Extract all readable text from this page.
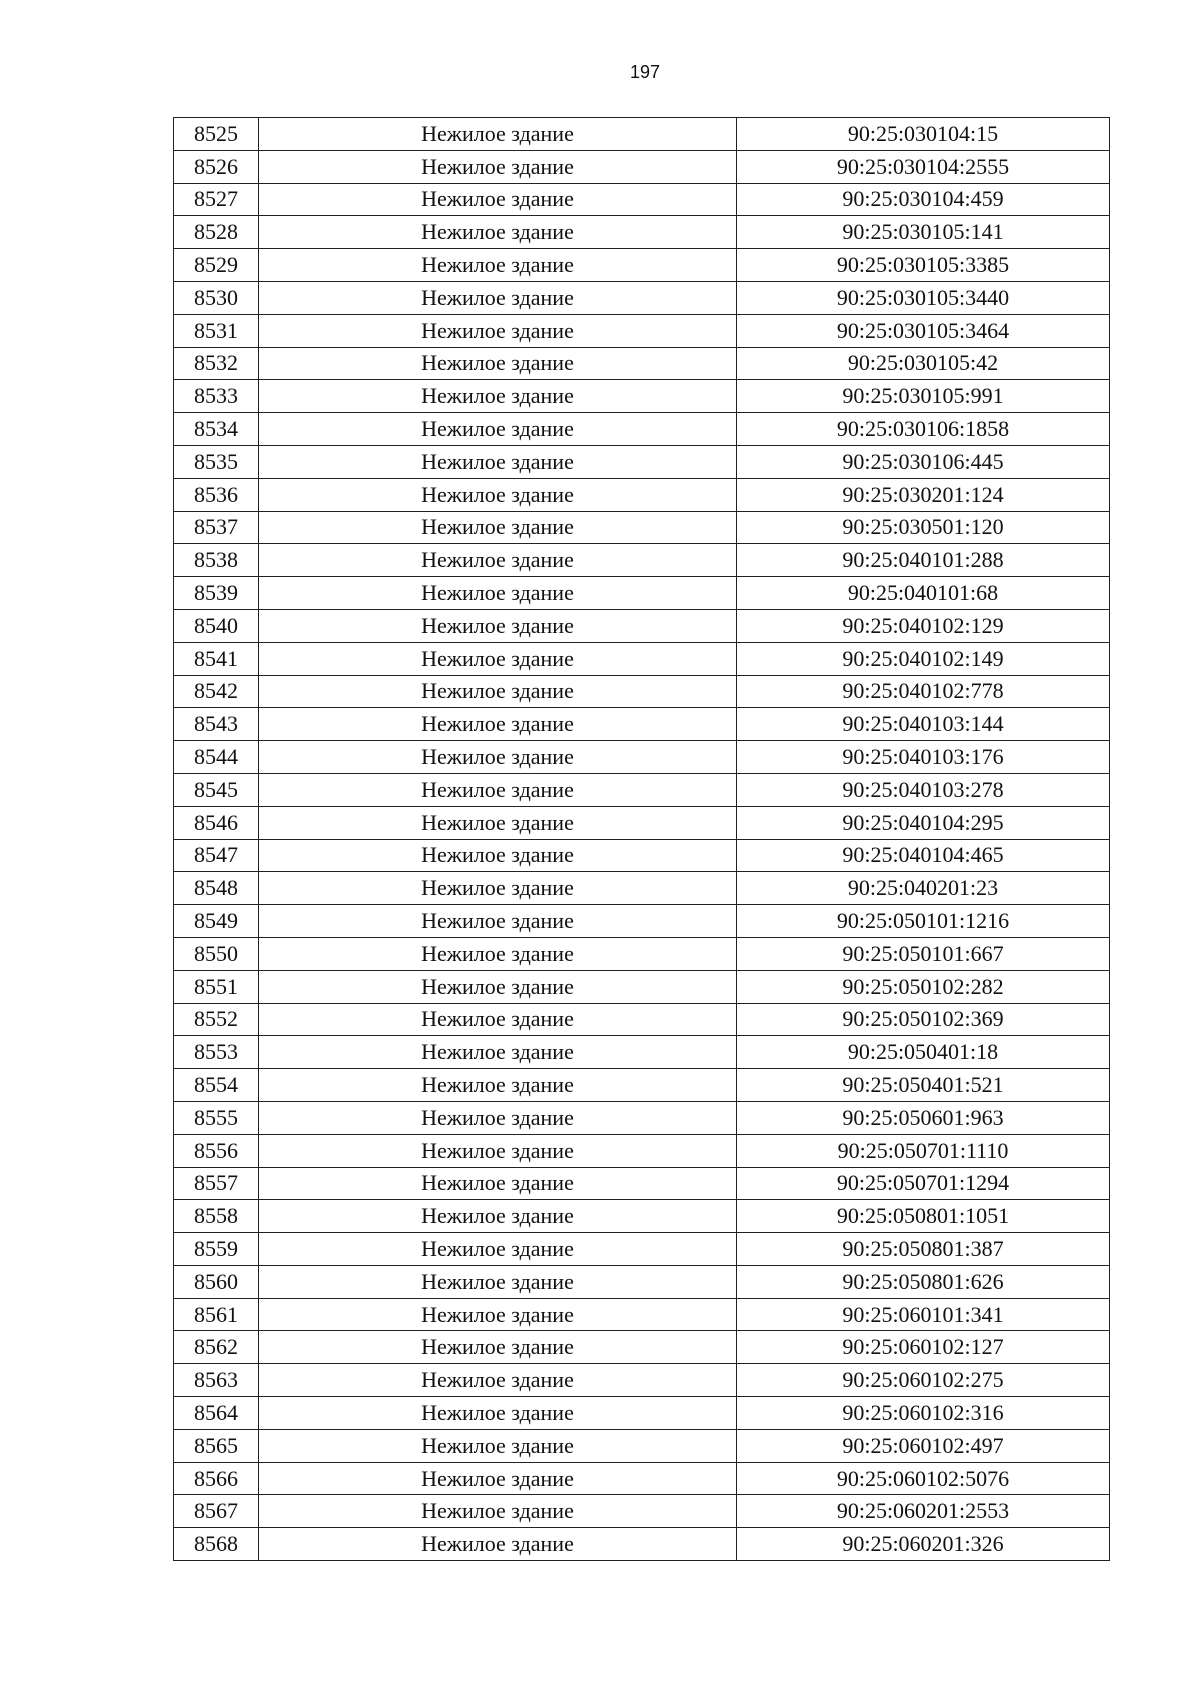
197
8525	Нежилое здание	90:25:030104:15
8526	Нежилое здание	90:25:030104:2555
8527	Нежилое здание	90:25:030104:459
8528	Нежилое здание	90:25:030105:141
8529	Нежилое здание	90:25:030105:3385
8530	Нежилое здание	90:25:030105:3440
8531	Нежилое здание	90:25:030105:3464
8532	Нежилое здание	90:25:030105:42
8533	Нежилое здание	90:25:030105:991
8534	Нежилое здание	90:25:030106:1858
8535	Нежилое здание	90:25:030106:445
8536	Нежилое здание	90:25:030201:124
8537	Нежилое здание	90:25:030501:120
8538	Нежилое здание	90:25:040101:288
8539	Нежилое здание	90:25:040101:68
8540	Нежилое здание	90:25:040102:129
8541	Нежилое здание	90:25:040102:149
8542	Нежилое здание	90:25:040102:778
8543	Нежилое здание	90:25:040103:144
8544	Нежилое здание	90:25:040103:176
8545	Нежилое здание	90:25:040103:278
8546	Нежилое здание	90:25:040104:295
8547	Нежилое здание	90:25:040104:465
8548	Нежилое здание	90:25:040201:23
8549	Нежилое здание	90:25:050101:1216
8550	Нежилое здание	90:25:050101:667
8551	Нежилое здание	90:25:050102:282
8552	Нежилое здание	90:25:050102:369
8553	Нежилое здание	90:25:050401:18
8554	Нежилое здание	90:25:050401:521
8555	Нежилое здание	90:25:050601:963
8556	Нежилое здание	90:25:050701:1110
8557	Нежилое здание	90:25:050701:1294
8558	Нежилое здание	90:25:050801:1051
8559	Нежилое здание	90:25:050801:387
8560	Нежилое здание	90:25:050801:626
8561	Нежилое здание	90:25:060101:341
8562	Нежилое здание	90:25:060102:127
8563	Нежилое здание	90:25:060102:275
8564	Нежилое здание	90:25:060102:316
8565	Нежилое здание	90:25:060102:497
8566	Нежилое здание	90:25:060102:5076
8567	Нежилое здание	90:25:060201:2553
8568	Нежилое здание	90:25:060201:326
